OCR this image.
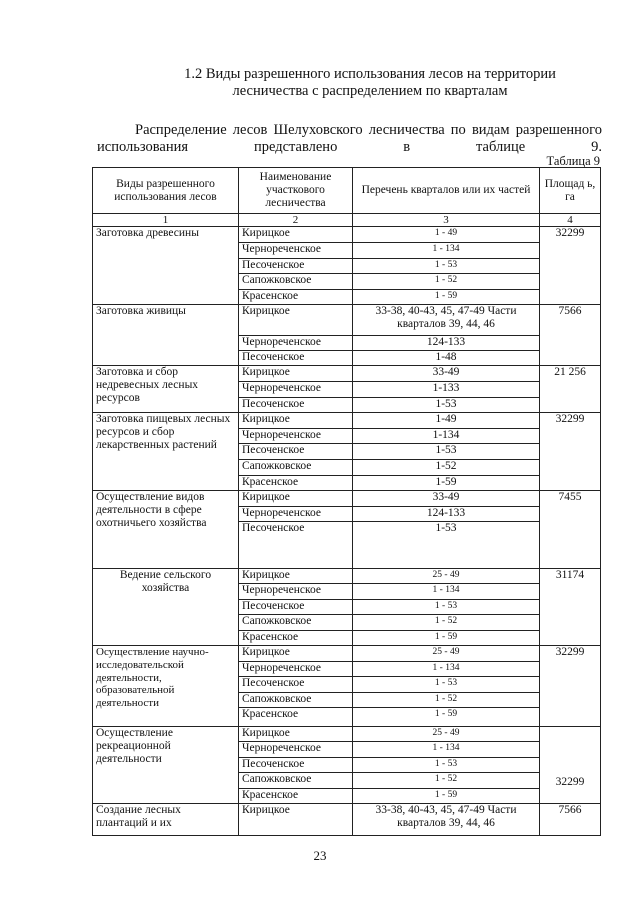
1.2 Виды разрешенного использования лесов на территории
лесничества с распределением по кварталам

Распределение лесов Шелуховского лесничества по видам разрешенного использования представлено в таблице 9.

Таблица 9
Виды разрешенного использования лесов	Наименование участкового лесничества	Перечень кварталов или их частей	Площад ь, га
1	2	3	4
Заготовка древесины	Кирицкое	1 - 49	32299
	Чернореченское	1 - 134	
	Песоченское	1 - 53	
	Сапожковское	1 - 52	
	Красенское	1 - 59	
Заготовка живицы	Кирицкое	33-38, 40-43, 45, 47-49 Части кварталов 39, 44, 46	7566
	Чернореченское	124-133	
	Песоченское	1-48	
Заготовка и сбор недревесных лесных ресурсов	Кирицкое	33-49	21 256
	Чернореченское	1-133	
	Песоченское	1-53	
Заготовка пищевых лесных ресурсов и сбор лекарственных растений	Кирицкое	1-49	32299
	Чернореченское	1-134	
	Песоченское	1-53	
	Сапожковское	1-52	
	Красенское	1-59	
Осуществление видов деятельности в сфере охотничьего хозяйства	Кирицкое	33-49	7455
	Чернореченское	124-133	
	Песоченское	1-53	
Ведение сельского хозяйства	Кирицкое	25 - 49	31174
	Чернореченское	1 - 134	
	Песоченское	1 - 53	
	Сапожковское	1 - 52	
	Красенское	1 - 59	
Осуществление научно-исследовательской деятельности, образовательной деятельности	Кирицкое	25 - 49	32299
	Чернореченское	1 - 134	
	Песоченское	1 - 53	
	Сапожковское	1 - 52	
	Красенское	1 - 59	
Осуществление рекреационной деятельности	Кирицкое	25 - 49	32299
	Чернореченское	1 - 134	
	Песоченское	1 - 53	
	Сапожковское	1 - 52	
	Красенское	1 - 59	
Создание лесных плантаций и их	Кирицкое	33-38, 40-43, 45, 47-49 Части кварталов 39, 44, 46	7566
23
